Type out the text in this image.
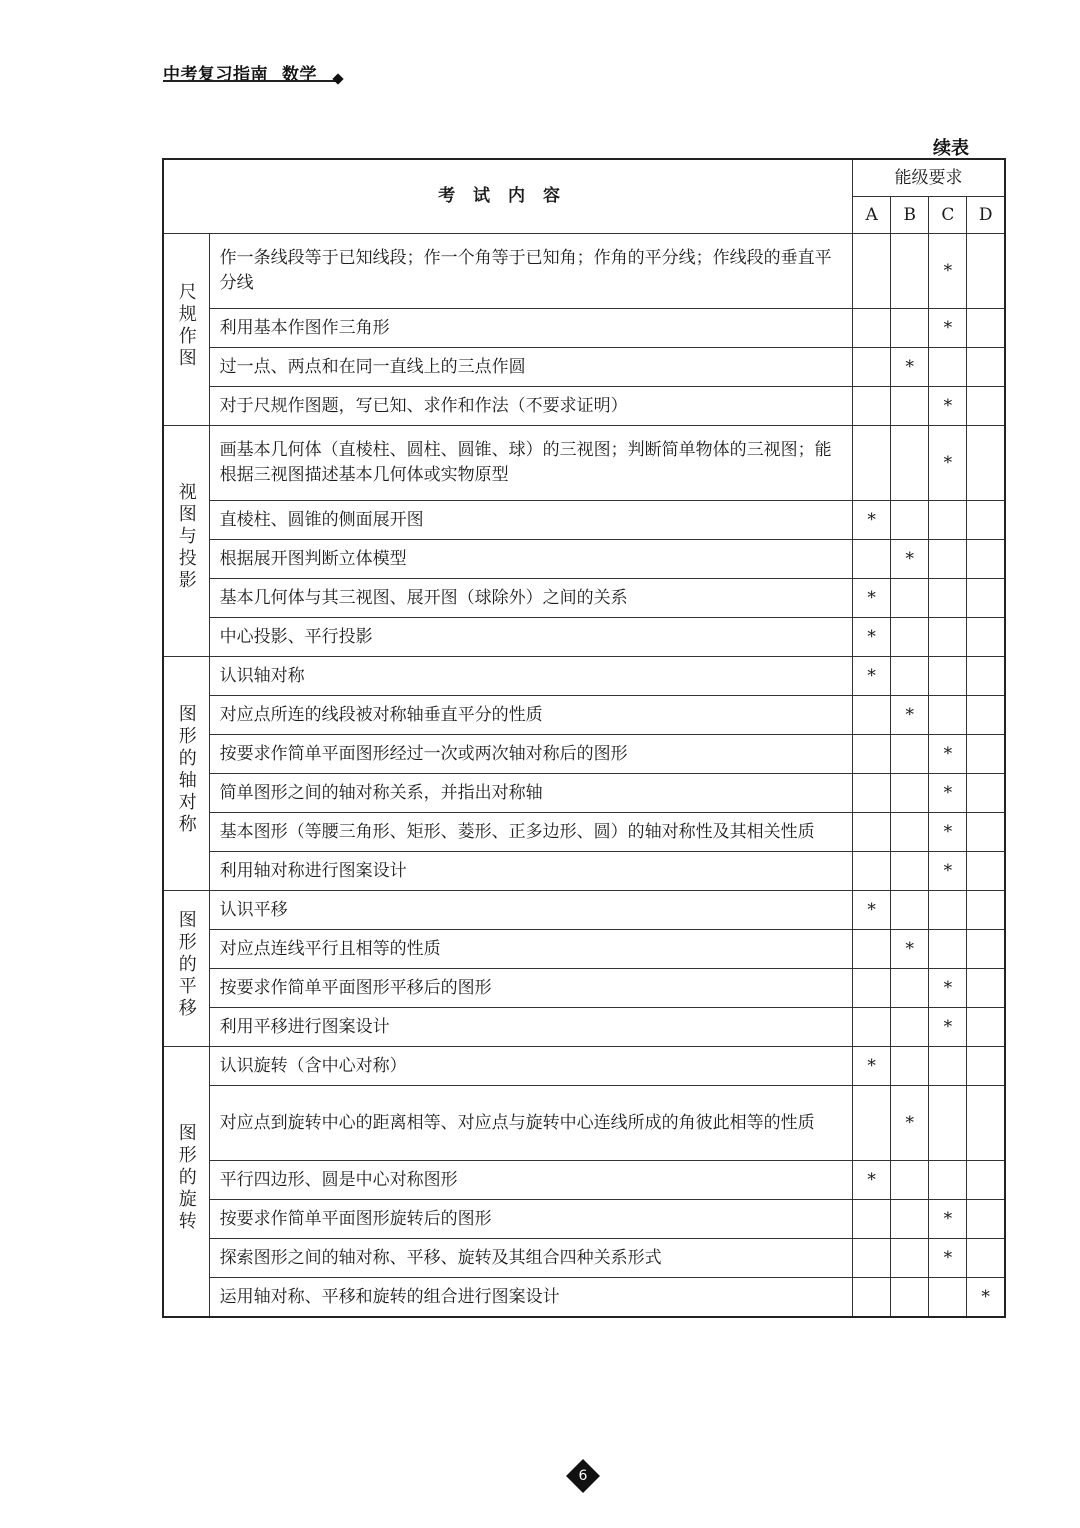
中考复习指南 数学
续表
考试内容		能级要求			
		A	B	C	D
尺规作图	作一条线段等于已知线段；作一个角等于已知角；作角的平分线；作线段的垂直平分线			*	
	利用基本作图作三角形			*	
	过一点、两点和在同一直线上的三点作圆		*		
	对于尺规作图题，写已知、求作和作法（不要求证明）			*	
视图与投影	画基本几何体（直棱柱、圆柱、圆锥、球）的三视图；判断简单物体的三视图；能根据三视图描述基本几何体或实物原型			*	
	直棱柱、圆锥的侧面展开图	*			
	根据展开图判断立体模型		*		
	基本几何体与其三视图、展开图（球除外）之间的关系	*			
	中心投影、平行投影	*			
图形的轴对称	认识轴对称	*			
	对应点所连的线段被对称轴垂直平分的性质		*		
	按要求作简单平面图形经过一次或两次轴对称后的图形			*	
	简单图形之间的轴对称关系，并指出对称轴			*	
	基本图形（等腰三角形、矩形、菱形、正多边形、圆）的轴对称性及其相关性质			*	
	利用轴对称进行图案设计			*	
图形的平移	认识平移	*			
	对应点连线平行且相等的性质		*		
	按要求作简单平面图形平移后的图形			*	
	利用平移进行图案设计			*	
图形的旋转	认识旋转（含中心对称）	*			
	对应点到旋转中心的距离相等、对应点与旋转中心连线所成的角彼此相等的性质		*		
	平行四边形、圆是中心对称图形	*			
	按要求作简单平面图形旋转后的图形			*	
	探索图形之间的轴对称、平移、旋转及其组合四种关系形式			*	
	运用轴对称、平移和旋转的组合进行图案设计				*
6
